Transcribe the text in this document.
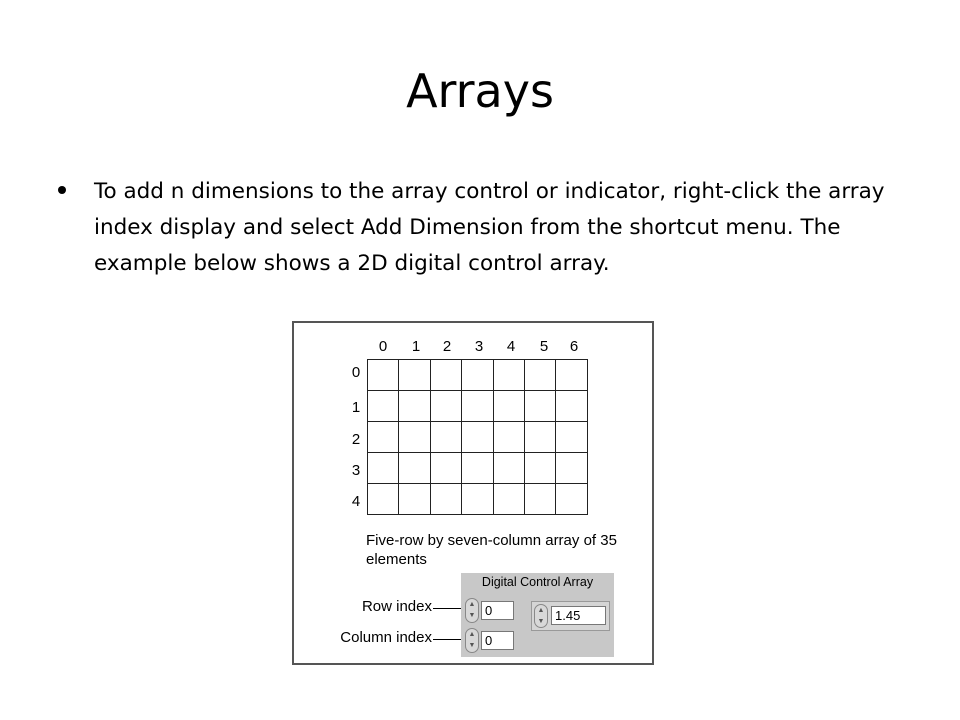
Arrays
To add n dimensions to the array control or indicator, right-click the array index display and select Add Dimension from the shortcut menu. The example below shows a 2D digital control array.
0	1	2	3	4	5	6
0
1
2
3
4
Five-row by seven-column array of 35 elements
Row index
Column index
Digital Control Array
▲
▼ 0
▲
▼ 0
▲
▼ 1.45
